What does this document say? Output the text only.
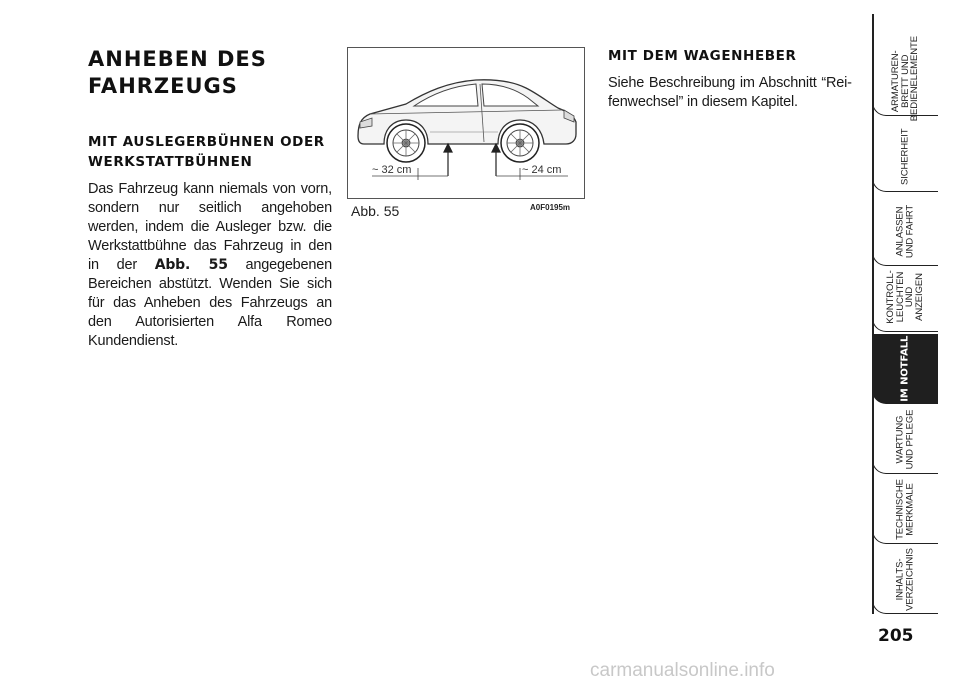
ANHEBEN DES FAHRZEUGS
MIT AUSLEGERBÜHNEN ODER WERKSTATTBÜHNEN

Das Fahrzeug kann niemals von vorn, sondern nur seitlich angehoben werden, indem die Ausleger bzw. die Werkstattbühne das Fahrzeug in den in der Abb. 55 angegebenen Bereichen abstützt. Wenden Sie sich für das Anheben des Fahrzeugs an den Autorisierten Alfa Romeo Kundendienst.

~ 32 cm	~ 24 cm
Abb. 55	A0F0195m
MIT DEM WAGENHEBER

Siehe Beschreibung im Abschnitt “Reifenwechsel” in diesem Kapitel.	ARMATUREN-
BRETT UND
BEDIENELEMENTE
SICHERHEIT
ANLASSEN
UND FAHRT
KONTROLL-
LEUCHTEN
UND ANZEIGEN
IM NOTFALL
WARTUNG
UND PFLEGE
TECHNISCHE
MERKMALE
INHALTS-
VERZEICHNIS
205
carmanualsonline.info
